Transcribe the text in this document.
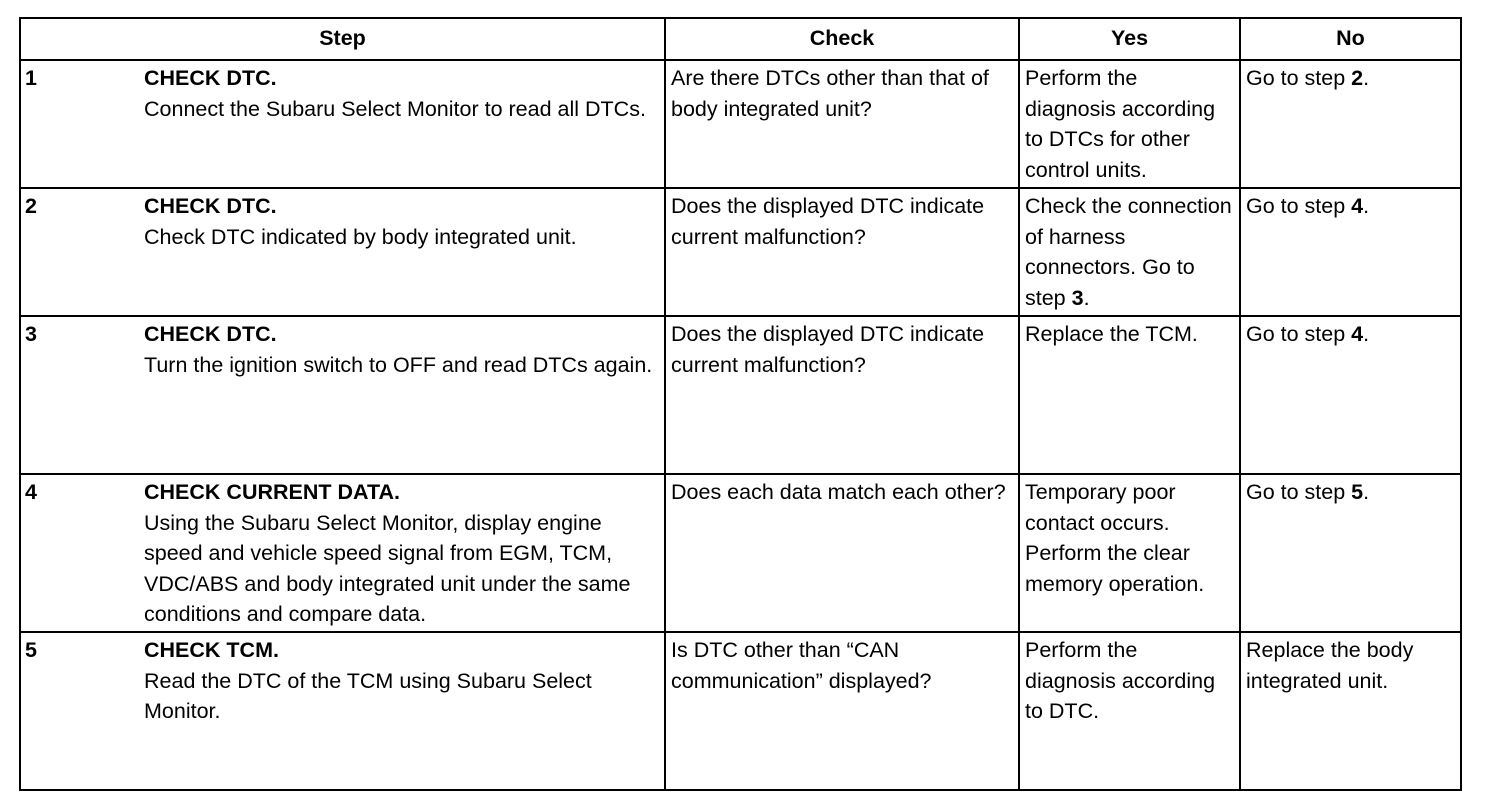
Step	Check	Yes	No

1 CHECK DTC.
Connect the Subaru Select Monitor to read all DTCs.	Are there DTCs other than that of body integrated unit?	Perform the diagnosis according to DTCs for other control units.	Go to step 2.

2 CHECK DTC.
Check DTC indicated by body integrated unit.	Does the displayed DTC indicate current malfunction?	Check the connection of harness connectors. Go to step 3.	Go to step 4.

3 CHECK DTC.
Turn the ignition switch to OFF and read DTCs again.	Does the displayed DTC indicate current malfunction?	Replace the TCM.	Go to step 4.

4 CHECK CURRENT DATA.
Using the Subaru Select Monitor, display engine speed and vehicle speed signal from EGM, TCM, VDC/ABS and body integrated unit under the same conditions and compare data.	Does each data match each other?	Temporary poor contact occurs. Perform the clear memory operation.	Go to step 5.

5 CHECK TCM.
Read the DTC of the TCM using Subaru Select Monitor.	Is DTC other than “CAN communication” displayed?	Perform the diagnosis according to DTC.	Replace the body integrated unit.
